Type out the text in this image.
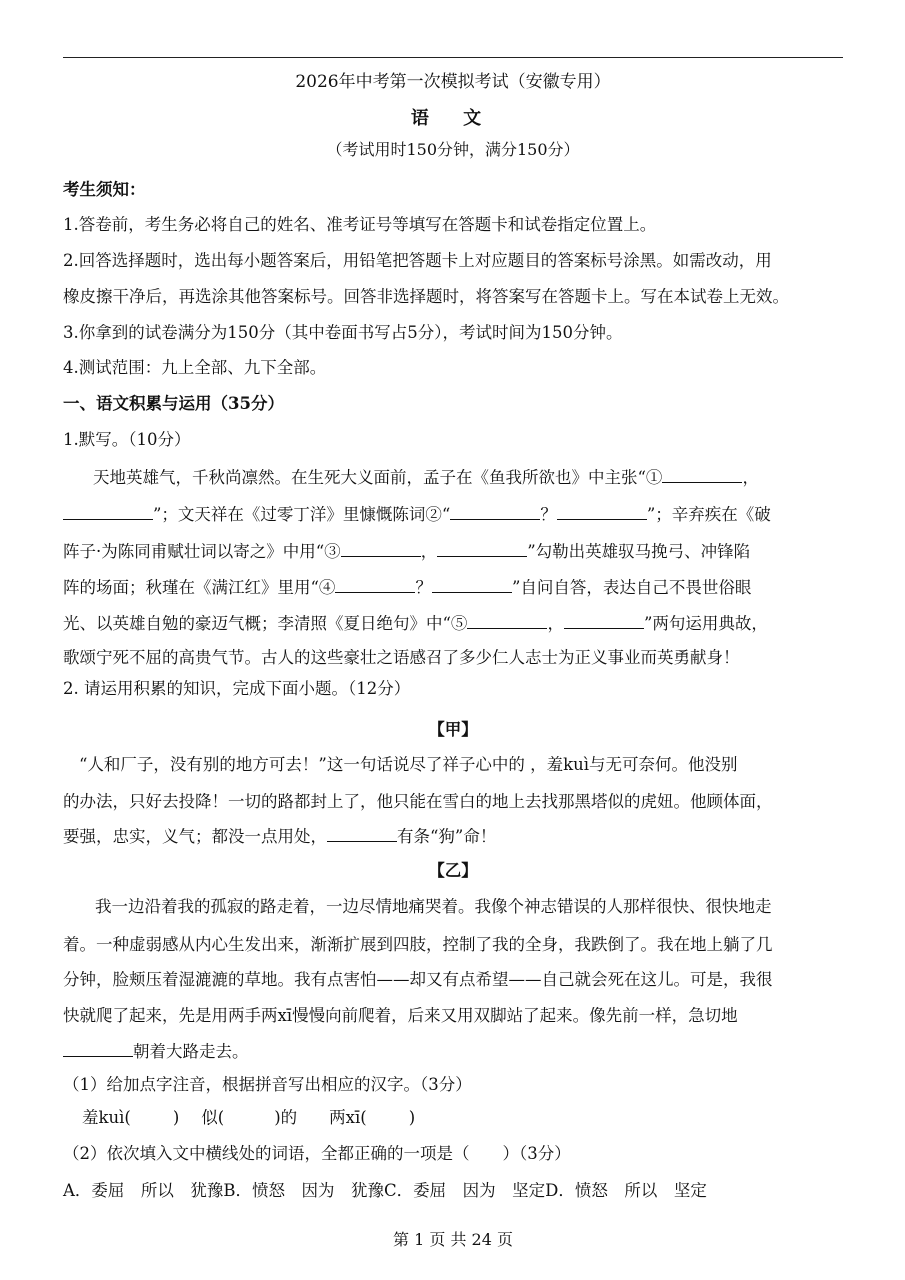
2026年中考第一次模拟考试（安徽专用）
语 文
（考试用时150分钟，满分150分）
考生须知：
1.答卷前，考生务必将自己的姓名、准考证号等填写在答题卡和试卷指定位置上。
2.回答选择题时，选出每小题答案后，用铅笔把答题卡上对应题目的答案标号涂黑。如需改动，用
橡皮擦干净后，再选涂其他答案标号。回答非选择题时，将答案写在答题卡上。写在本试卷上无效。
3.你拿到的试卷满分为150分（其中卷面书写占5分），考试时间为150分钟。
4.测试范围：九上全部、九下全部。
一、语文积累与运用（35分）
1.默写。（10分）
天地英雄气，千秋尚凛然。在生死大义面前，孟子在《鱼我所欲也》中主张“①	，
”；文天祥在《过零丁洋》里慷慨陈词②“	？	”；辛弃疾在《破
阵子·为陈同甫赋壮词以寄之》中用“③	，	”勾勒出英雄驭马挽弓、冲锋陷
阵的场面；秋瑾在《满江红》里用“④	？	”自问自答，表达自己不畏世俗眼
光、以英雄自勉的豪迈气概；李清照《夏日绝句》中“⑤	，	”两句运用典故，
歌颂宁死不屈的高贵气节。古人的这些豪壮之语感召了多少仁人志士为正义事业而英勇献身！
2. 请运用积累的知识，完成下面小题。（12分）
【甲】
“人和厂子，没有别的地方可去！”这一句话说尽了祥子心中的 ，羞kuì与无可奈何。他没别
的办法，只好去投降！一切的路都封上了，他只能在雪白的地上去找那黑塔似的虎妞。他顾体面，
要强，忠实，义气；都没一点用处，	有条“狗”命！
【乙】
我一边沿着我的孤寂的路走着，一边尽情地痛哭着。我像个神志错误的人那样很快、很快地走
着。一种虚弱感从内心生发出来，渐渐扩展到四肢，控制了我的全身，我跌倒了。我在地上躺了几
分钟，脸颊压着湿漉漉的草地。我有点害怕——却又有点希望——自己就会死在这儿。可是，我很
快就爬了起来，先是用两手两xī慢慢向前爬着，后来又用双脚站了起来。像先前一样，急切地
朝着大路走去。
（1）给加点字注音，根据拼音写出相应的汉字。（3分）
羞kuì(	) 似( ·	)的 两xī(	)
（2）依次填入文中横线处的词语，全都正确的一项是（　　）（3分）
A．委屈　所以　犹豫B．愤怒　因为　犹豫C．委屈　因为　坚定D．愤怒　所以　坚定
第 1 页 共 24 页
